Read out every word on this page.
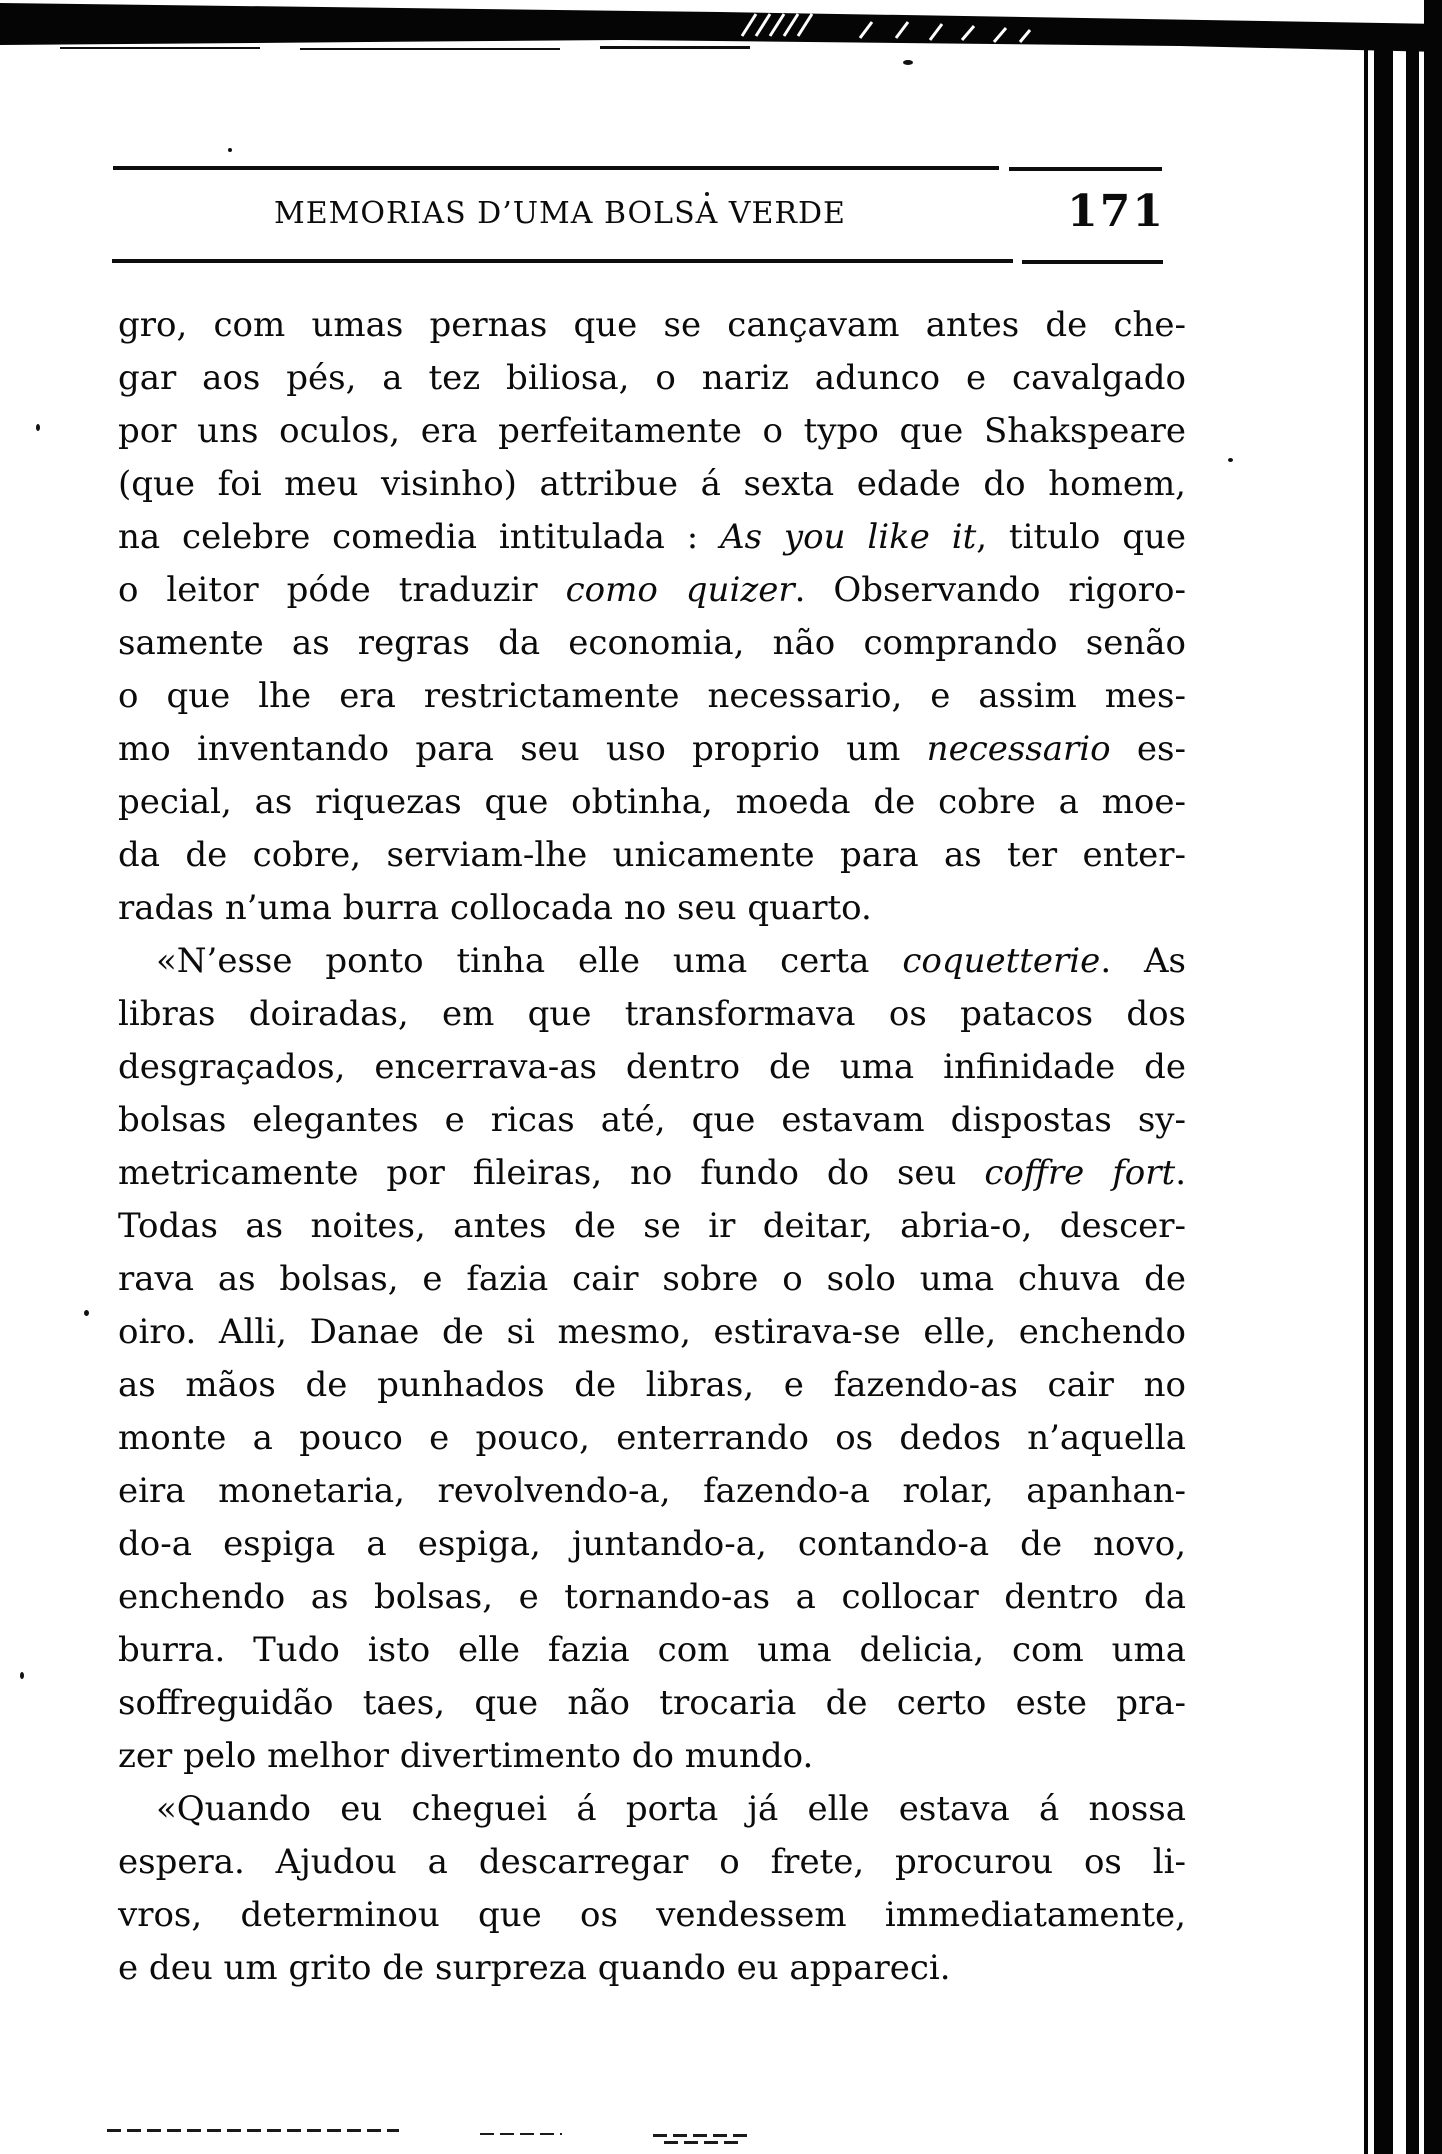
MEMORIAS D’UMA BOLSA VERDE	171
gro, com umas pernas que se cançavam antes de che-
gar aos pés, a tez biliosa, o nariz adunco e cavalgado
por uns oculos, era perfeitamente o typo que Shakspeare
(que foi meu visinho) attribue á sexta edade do homem,
na celebre comedia intitulada : As you like it, titulo que
o leitor póde traduzir como quizer. Observando rigoro-
samente as regras da economia, não comprando senão
o que lhe era restrictamente necessario, e assim mes-
mo inventando para seu uso proprio um necessario es-
pecial, as riquezas que obtinha, moeda de cobre a moe-
da de cobre, serviam-lhe unicamente para as ter enter-
radas n’uma burra collocada no seu quarto.
«N’esse ponto tinha elle uma certa coquetterie. As
libras doiradas, em que transformava os patacos dos
desgraçados, encerrava-as dentro de uma infinidade de
bolsas elegantes e ricas até, que estavam dispostas sy-
metricamente por fileiras, no fundo do seu coffre fort.
Todas as noites, antes de se ir deitar, abria-o, descer-
rava as bolsas, e fazia cair sobre o solo uma chuva de
oiro. Alli, Danae de si mesmo, estirava-se elle, enchendo
as mãos de punhados de libras, e fazendo-as cair no
monte a pouco e pouco, enterrando os dedos n’aquella
eira monetaria, revolvendo-a, fazendo-a rolar, apanhan-
do-a espiga a espiga, juntando-a, contando-a de novo,
enchendo as bolsas, e tornando-as a collocar dentro da
burra. Tudo isto elle fazia com uma delicia, com uma
soffreguidão taes, que não trocaria de certo este pra-
zer pelo melhor divertimento do mundo.
«Quando eu cheguei á porta já elle estava á nossa
espera. Ajudou a descarregar o frete, procurou os li-
vros, determinou que os vendessem immediatamente,
e deu um grito de surpreza quando eu appareci.
